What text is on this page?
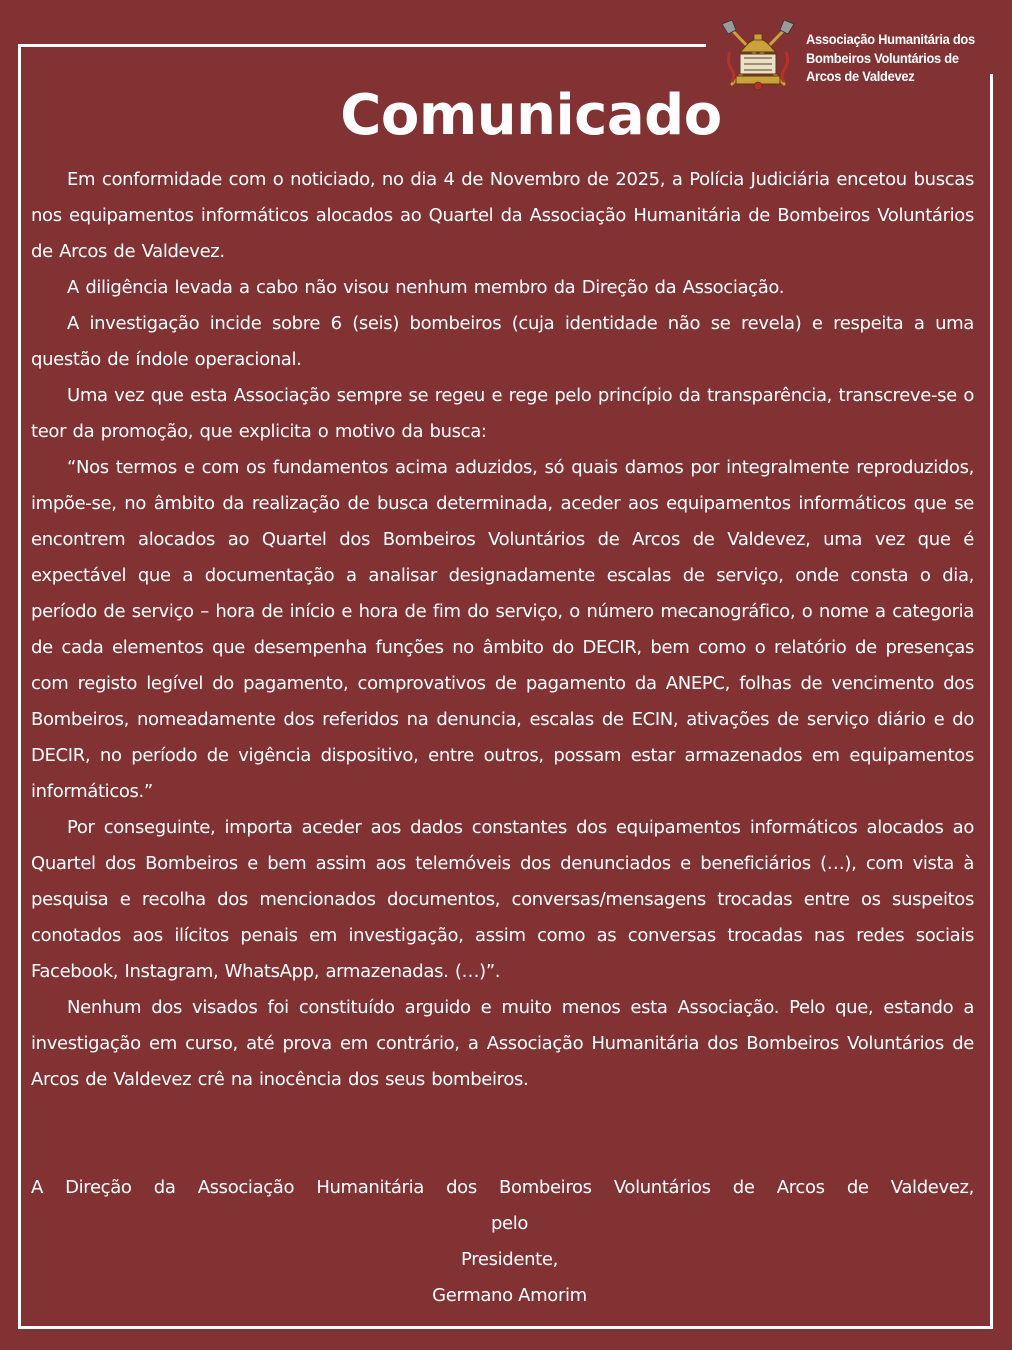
Associação Humanitária dos
Bombeiros Voluntários de
Arcos de Valdevez
Comunicado

Em conformidade com o noticiado, no dia 4 de Novembro de 2025, a Polícia Judiciária encetou buscas nos equipamentos informáticos alocados ao Quartel da Associação Humanitária de Bombeiros Voluntários de Arcos de Valdevez.

A diligência levada a cabo não visou nenhum membro da Direção da Associação.

A investigação incide sobre 6 (seis) bombeiros (cuja identidade não se revela) e respeita a uma questão de índole operacional.

Uma vez que esta Associação sempre se regeu e rege pelo princípio da transparência, transcreve-se o teor da promoção, que explicita o motivo da busca:

“Nos termos e com os fundamentos acima aduzidos, só quais damos por integralmente reproduzidos, impõe-se, no âmbito da realização de busca determinada, aceder aos equipamentos informáticos que se encontrem alocados ao Quartel dos Bombeiros Voluntários de Arcos de Valdevez, uma vez que é expectável que a documentação a analisar designadamente escalas de serviço, onde consta o dia, período de serviço – hora de início e hora de fim do serviço, o número mecanográfico, o nome a categoria de cada elementos que desempenha funções no âmbito do DECIR, bem como o relatório de presenças com registo legível do pagamento, comprovativos de pagamento da ANEPC, folhas de vencimento dos Bombeiros, nomeadamente dos referidos na denuncia, escalas de ECIN, ativações de serviço diário e do DECIR, no período de vigência dispositivo, entre outros, possam estar armazenados em equipamentos informáticos.”

Por conseguinte, importa aceder aos dados constantes dos equipamentos informáticos alocados ao Quartel dos Bombeiros e bem assim aos telemóveis dos denunciados e beneficiários (…), com vista à pesquisa e recolha dos mencionados documentos, conversas/mensagens trocadas entre os suspeitos conotados aos ilícitos penais em investigação, assim como as conversas trocadas nas redes sociais Facebook, Instagram, WhatsApp, armazenadas. (…)”.

Nenhum dos visados foi constituído arguido e muito menos esta Associação. Pelo que, estando a investigação em curso, até prova em contrário, a Associação Humanitária dos Bombeiros Voluntários de Arcos de Valdevez crê na inocência dos seus bombeiros.

A Direção da Associação Humanitária dos Bombeiros Voluntários de Arcos de Valdevez,
pelo
Presidente,
Germano Amorim
